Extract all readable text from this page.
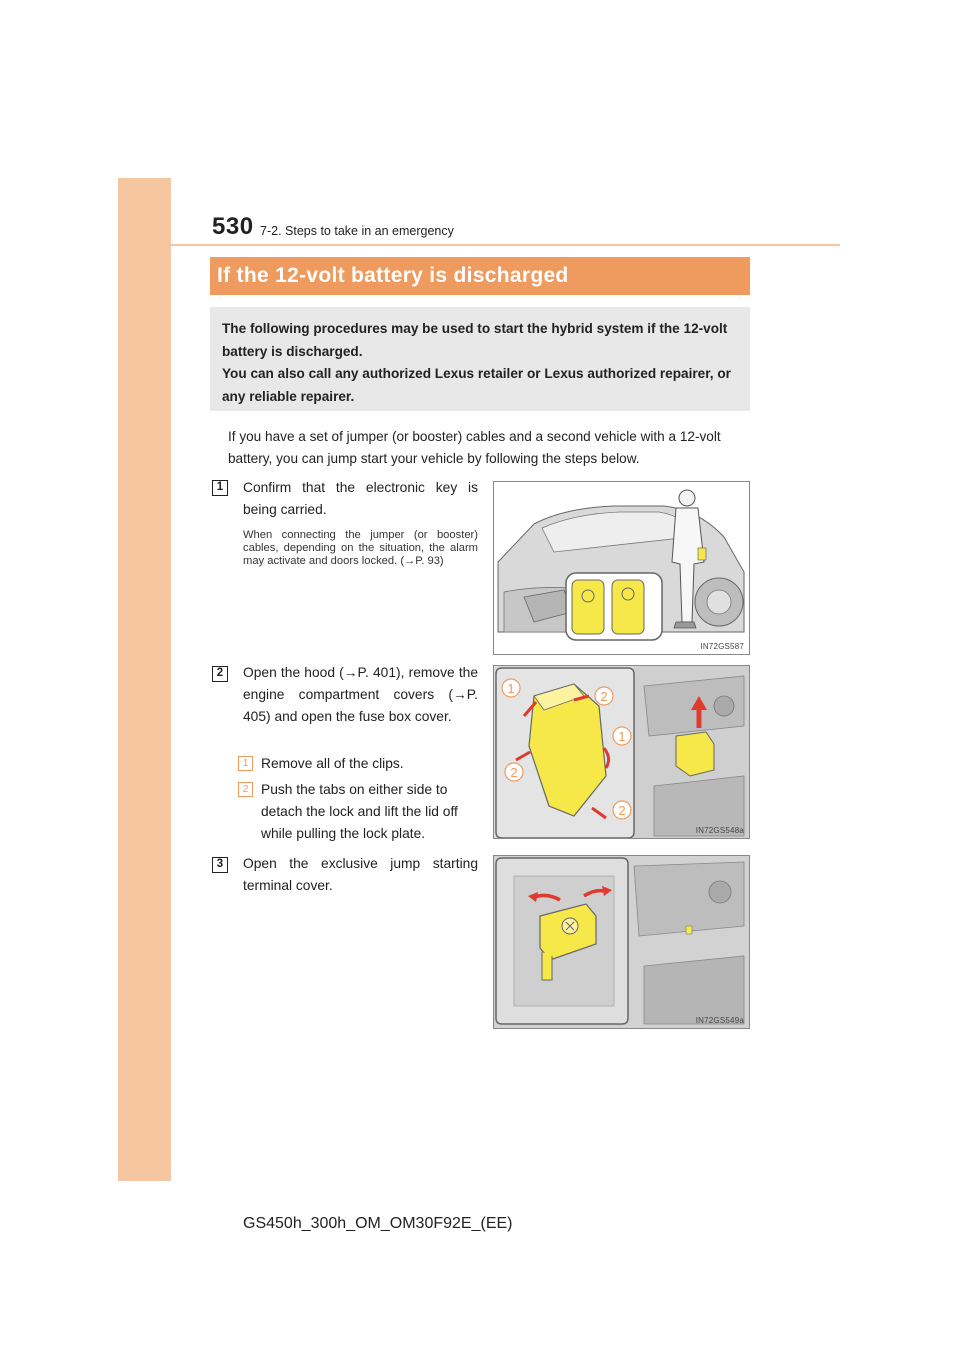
530 7-2. Steps to take in an emergency
If the 12-volt battery is discharged

The following procedures may be used to start the hybrid system if the 12-volt battery is discharged.

You can also call any authorized Lexus retailer or Lexus authorized repairer, or any reliable repairer.

If you have a set of jumper (or booster) cables and a second vehicle with a 12-volt battery, you can jump start your vehicle by following the steps below.
1	Confirm that the electronic key is being carried.
When connecting the jumper (or booster) cables, depending on the situation, the alarm may activate and doors locked. (→P. 93)
IN72GS587
2	Open the hood (→P. 401), remove the engine compartment covers (→P. 405) and open the fuse box cover.
1 Remove all of the clips.
2 Push the tabs on either side to detach the lock and lift the lid off while pulling the lock plate.
1
2
1
2
2
IN72GS548a
3	Open the exclusive jump starting terminal cover.
IN72GS549a
GS450h_300h_OM_OM30F92E_(EE)
